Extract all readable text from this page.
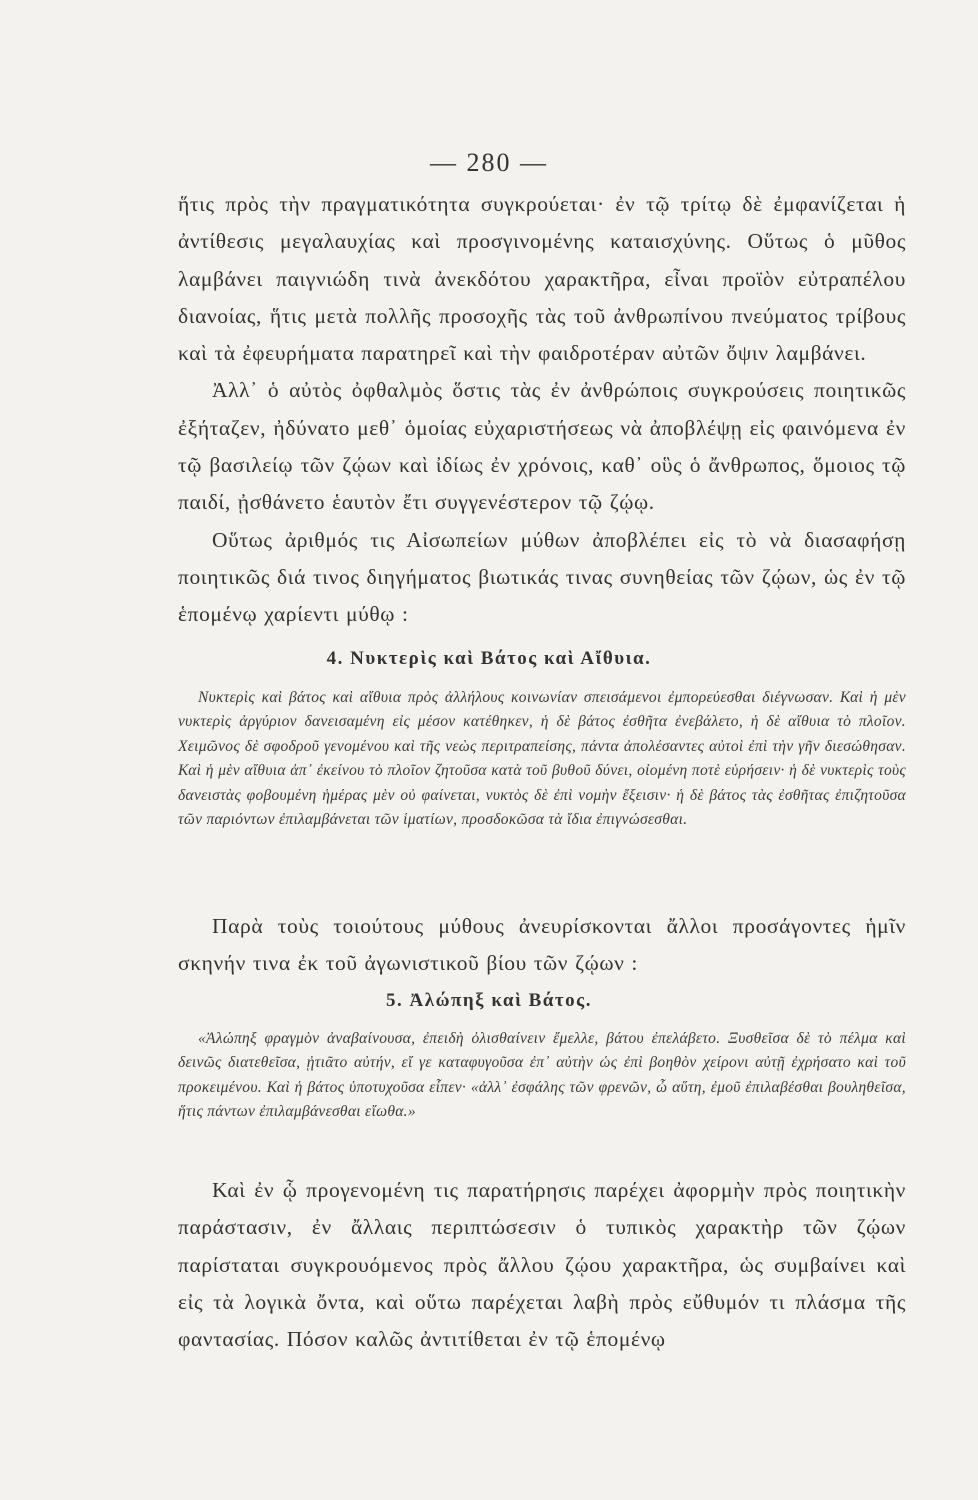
— 280 —

ἥτις πρὸς τὴν πραγματικότητα συγκρούεται· ἐν τῷ τρίτῳ δὲ ἐμφανίζεται ἡ ἀντίθεσις μεγαλαυχίας καὶ προσγινομένης καταισχύνης. Οὕτως ὁ μῦθος λαμβάνει παιγνιώδη τινὰ ἀνεκδότου χαρακτῆρα, εἶναι προϊὸν εὐτραπέλου διανοίας, ἥτις μετὰ πολλῆς προσοχῆς τὰς τοῦ ἀνθρωπίνου πνεύματος τρίβους καὶ τὰ ἐφευρήματα παρατηρεῖ καὶ τὴν φαιδροτέραν αὐτῶν ὄψιν λαμβάνει.

Ἀλλ᾽ ὁ αὐτὸς ὀφθαλμὸς ὅστις τὰς ἐν ἀνθρώποις συγκρούσεις ποιητικῶς ἐξήταζεν, ἠδύνατο μεθ᾽ ὁμοίας εὐχαριστήσεως νὰ ἀποβλέψῃ εἰς φαινόμενα ἐν τῷ βασιλείῳ τῶν ζῴων καὶ ἰδίως ἐν χρόνοις, καθ᾽ οὓς ὁ ἄνθρωπος, ὅμοιος τῷ παιδί, ᾐσθάνετο ἑαυτὸν ἔτι συγγενέστερον τῷ ζῴῳ.

Οὕτως ἀριθμός τις Αἰσωπείων μύθων ἀποβλέπει εἰς τὸ νὰ διασαφήσῃ ποιητικῶς διά τινος διηγήματος βιωτικάς τινας συνηθείας τῶν ζῴων, ὡς ἐν τῷ ἑπομένῳ χαρίεντι μύθῳ :

4. Νυκτερὶς καὶ Βάτος καὶ Αἴθυια.

Νυκτερὶς καὶ βάτος καὶ αἴθυια πρὸς ἀλλήλους κοινωνίαν σπεισάμενοι ἐμπορεύεσθαι διέγνωσαν. Καὶ ἡ μὲν νυκτερὶς ἀργύριον δανεισαμένη εἰς μέσον κατέθηκεν, ἡ δὲ βάτος ἐσθῆτα ἐνεβάλετο, ἡ δὲ αἴθυια τὸ πλοῖον. Χειμῶνος δὲ σφοδροῦ γενομένου καὶ τῆς νεὼς περιτραπείσης, πάντα ἀπολέσαντες αὐτοὶ ἐπὶ τὴν γῆν διεσώθησαν. Καὶ ἡ μὲν αἴθυια ἀπ᾽ ἐκείνου τὸ πλοῖον ζητοῦσα κατὰ τοῦ βυθοῦ δύνει, οἰομένη ποτὲ εὑρήσειν· ἡ δὲ νυκτερὶς τοὺς δανειστὰς φοβουμένη ἡμέρας μὲν οὐ φαίνεται, νυκτὸς δὲ ἐπὶ νομὴν ἔξεισιν· ἡ δὲ βάτος τὰς ἐσθῆτας ἐπιζητοῦσα τῶν παριόντων ἐπιλαμβάνεται τῶν ἱματίων, προσδοκῶσα τὰ ἴδια ἐπιγνώσεσθαι.

Παρὰ τοὺς τοιούτους μύθους ἀνευρίσκονται ἄλλοι προσάγοντες ἡμῖν σκηνήν τινα ἐκ τοῦ ἀγωνιστικοῦ βίου τῶν ζῴων :

5. Ἀλώπηξ καὶ Βάτος.

«Ἀλώπηξ φραγμὸν ἀναβαίνουσα, ἐπειδὴ ὀλισθαίνειν ἔμελλε, βάτου ἐπελάβετο. Ξυσθεῖσα δὲ τὸ πέλμα καὶ δεινῶς διατεθεῖσα, ᾐτιᾶτο αὐτήν, εἴ γε καταφυγοῦσα ἐπ᾽ αὐτὴν ὡς ἐπὶ βοηθὸν χείρονι αὐτῇ ἐχρήσατο καὶ τοῦ προκειμένου. Καὶ ἡ βάτος ὑποτυχοῦσα εἶπεν· «ἀλλ᾽ ἐσφάλης τῶν φρενῶν, ὦ αὕτη, ἐμοῦ ἐπιλαβέσθαι βουληθεῖσα, ἥτις πάντων ἐπιλαμβάνεσθαι εἴωθα.»

Καὶ ἐν ᾧ προγενομένη τις παρατήρησις παρέχει ἀφορμὴν πρὸς ποιητικὴν παράστασιν, ἐν ἄλλαις περιπτώσεσιν ὁ τυπικὸς χαρακτὴρ τῶν ζῴων παρίσταται συγκρουόμενος πρὸς ἄλλου ζῴου χαρακτῆρα, ὡς συμβαίνει καὶ εἰς τὰ λογικὰ ὄντα, καὶ οὕτω παρέχεται λαβὴ πρὸς εὔθυμόν τι πλάσμα τῆς φαντασίας. Πόσον καλῶς ἀντιτίθεται ἐν τῷ ἑπομένῳ
